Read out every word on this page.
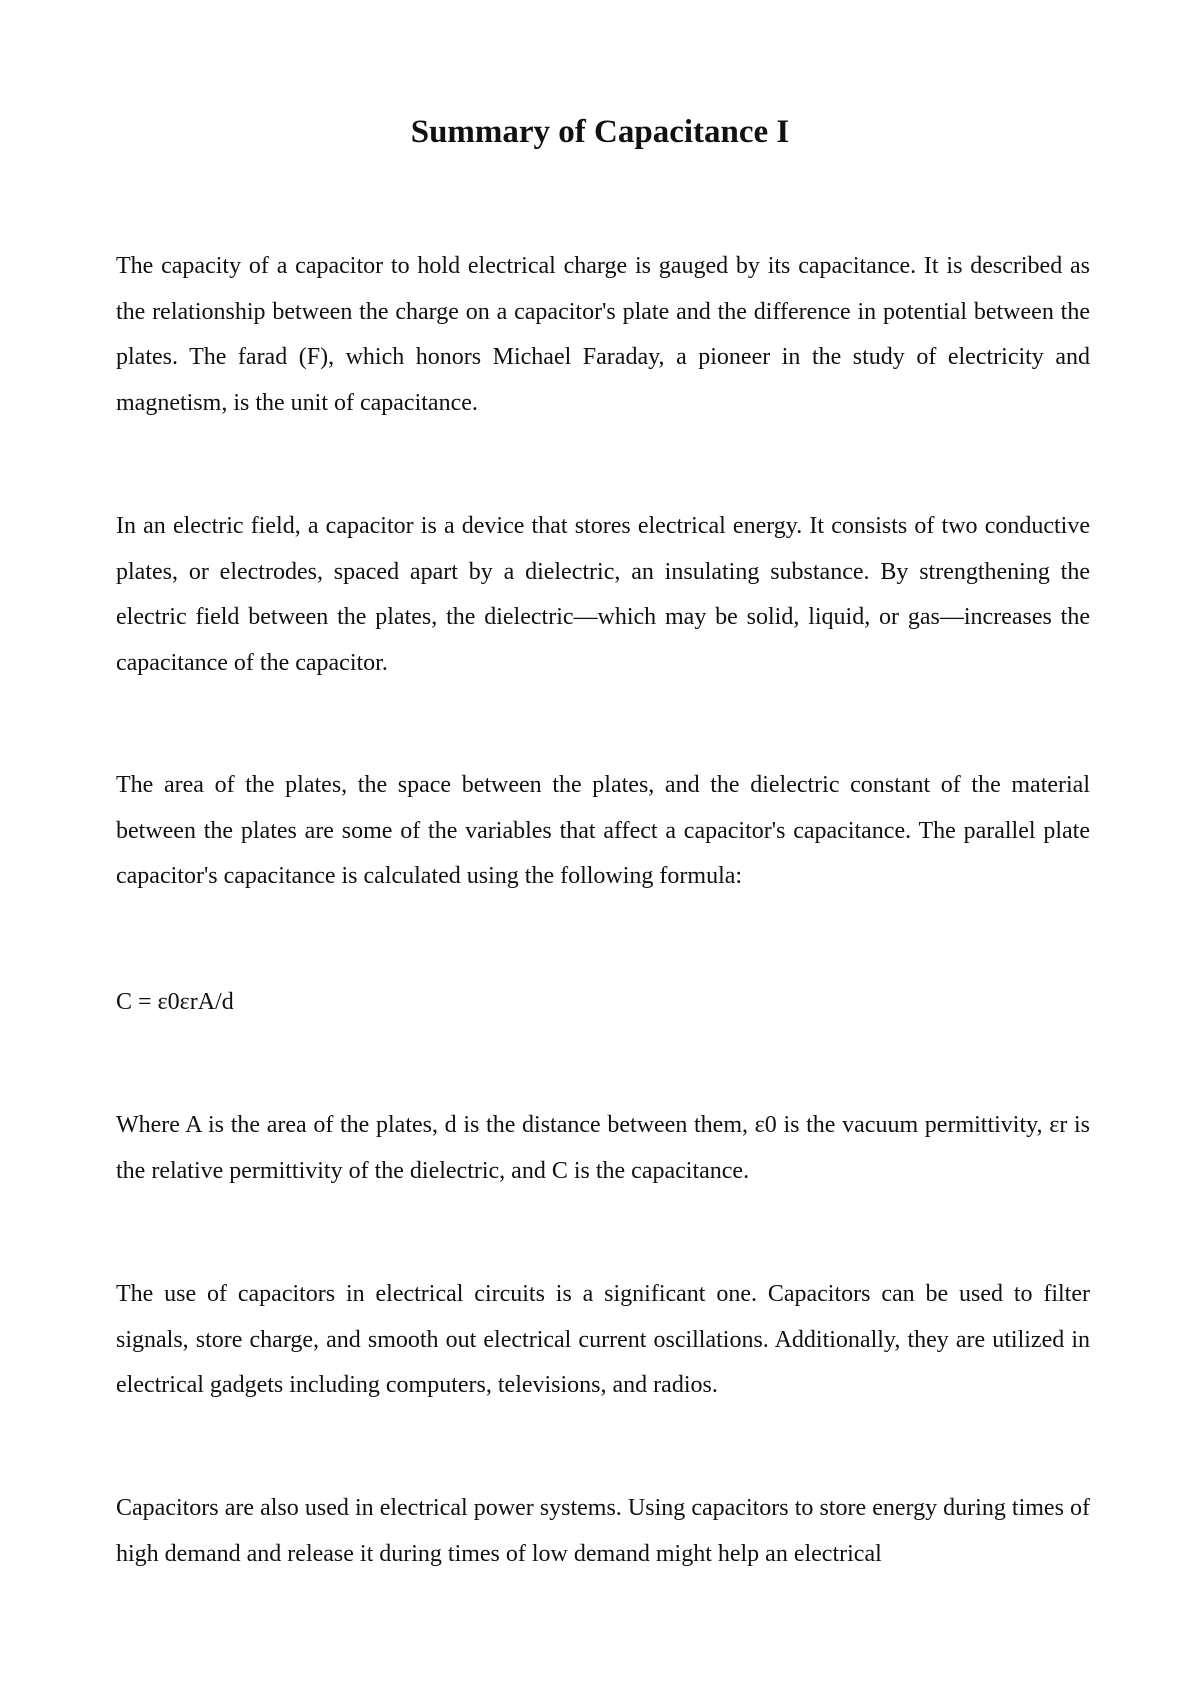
Summary of Capacitance I

The capacity of a capacitor to hold electrical charge is gauged by its capacitance. It is described as the relationship between the charge on a capacitor's plate and the difference in potential between the plates. The farad (F), which honors Michael Faraday, a pioneer in the study of electricity and magnetism, is the unit of capacitance.

In an electric field, a capacitor is a device that stores electrical energy. It consists of two conductive plates, or electrodes, spaced apart by a dielectric, an insulating substance. By strengthening the electric field between the plates, the dielectric—which may be solid, liquid, or gas—increases the capacitance of the capacitor.

The area of the plates, the space between the plates, and the dielectric constant of the material between the plates are some of the variables that affect a capacitor's capacitance. The parallel plate capacitor's capacitance is calculated using the following formula:

C = ε0εrA/d

Where A is the area of the plates, d is the distance between them, ε0 is the vacuum permittivity, εr is the relative permittivity of the dielectric, and C is the capacitance.

The use of capacitors in electrical circuits is a significant one. Capacitors can be used to filter signals, store charge, and smooth out electrical current oscillations. Additionally, they are utilized in electrical gadgets including computers, televisions, and radios.

Capacitors are also used in electrical power systems. Using capacitors to store energy during times of high demand and release it during times of low demand might help an electrical
